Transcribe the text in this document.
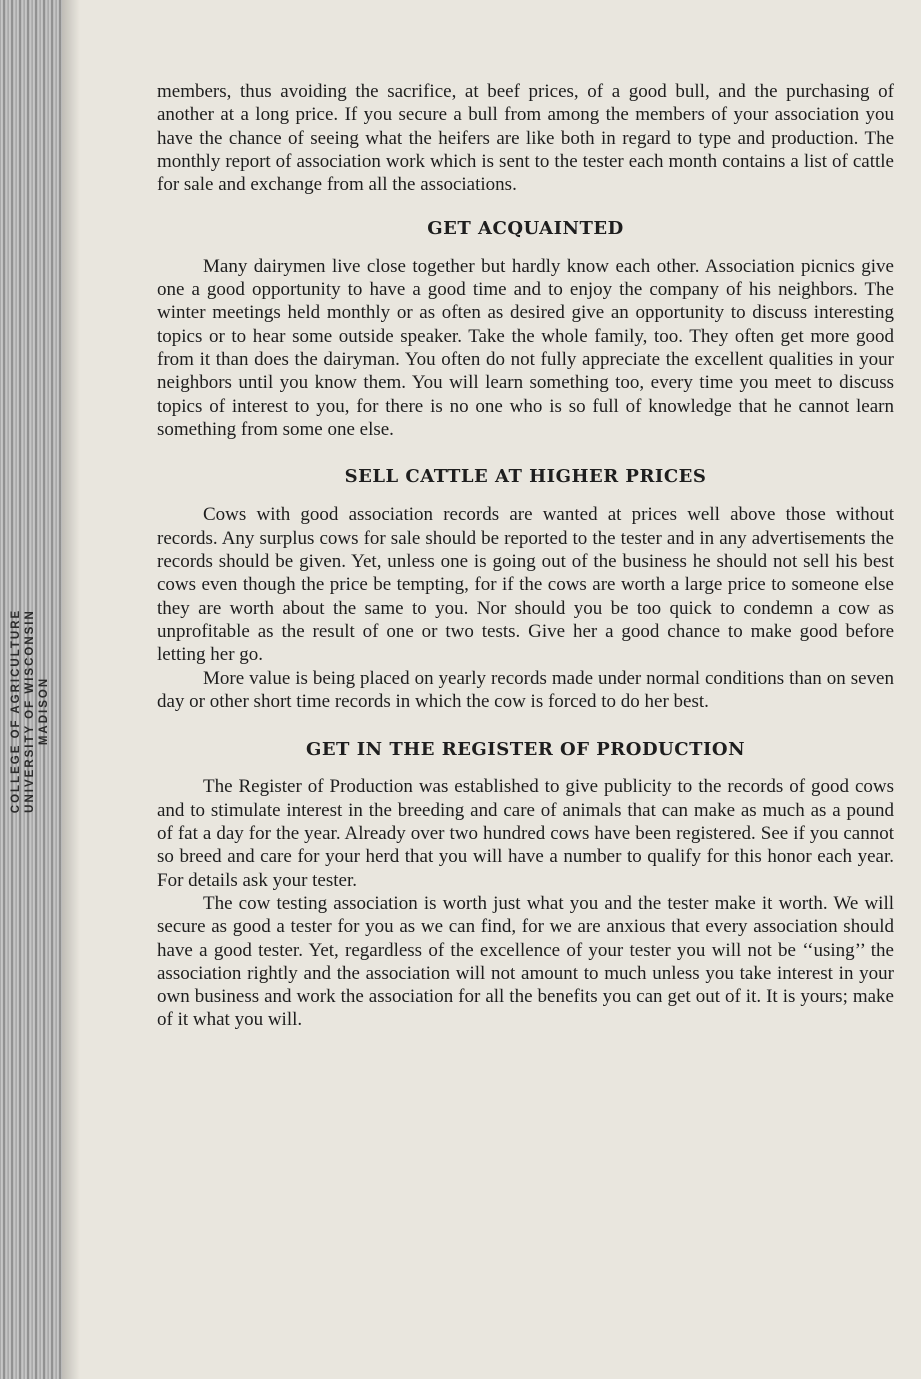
COLLEGE OF AGRICULTURE UNIVERSITY OF WISCONSIN MADISON

members, thus avoiding the sacrifice, at beef prices, of a good bull, and the purchasing of another at a long price. If you secure a bull from among the members of your association you have the chance of seeing what the heifers are like both in regard to type and production. The monthly report of association work which is sent to the tester each month contains a list of cattle for sale and exchange from all the associations.

GET ACQUAINTED

Many dairymen live close together but hardly know each other. Association picnics give one a good opportunity to have a good time and to enjoy the company of his neighbors. The winter meetings held monthly or as often as desired give an opportunity to discuss interesting topics or to hear some outside speaker. Take the whole family, too. They often get more good from it than does the dairyman. You often do not fully appreciate the excellent qualities in your neighbors until you know them. You will learn something too, every time you meet to discuss topics of interest to you, for there is no one who is so full of knowledge that he cannot learn something from some one else.

SELL CATTLE AT HIGHER PRICES

Cows with good association records are wanted at prices well above those without records. Any surplus cows for sale should be reported to the tester and in any advertisements the records should be given. Yet, unless one is going out of the business he should not sell his best cows even though the price be tempting, for if the cows are worth a large price to someone else they are worth about the same to you. Nor should you be too quick to condemn a cow as unprofitable as the result of one or two tests. Give her a good chance to make good before letting her go.

More value is being placed on yearly records made under normal conditions than on seven day or other short time records in which the cow is forced to do her best.

GET IN THE REGISTER OF PRODUCTION

The Register of Production was established to give publicity to the records of good cows and to stimulate interest in the breeding and care of animals that can make as much as a pound of fat a day for the year. Already over two hundred cows have been registered. See if you cannot so breed and care for your herd that you will have a number to qualify for this honor each year. For details ask your tester.

The cow testing association is worth just what you and the tester make it worth. We will secure as good a tester for you as we can find, for we are anxious that every association should have a good tester. Yet, regardless of the excellence of your tester you will not be ‘‘using’’ the association rightly and the association will not amount to much unless you take interest in your own business and work the association for all the benefits you can get out of it. It is yours; make of it what you will.
